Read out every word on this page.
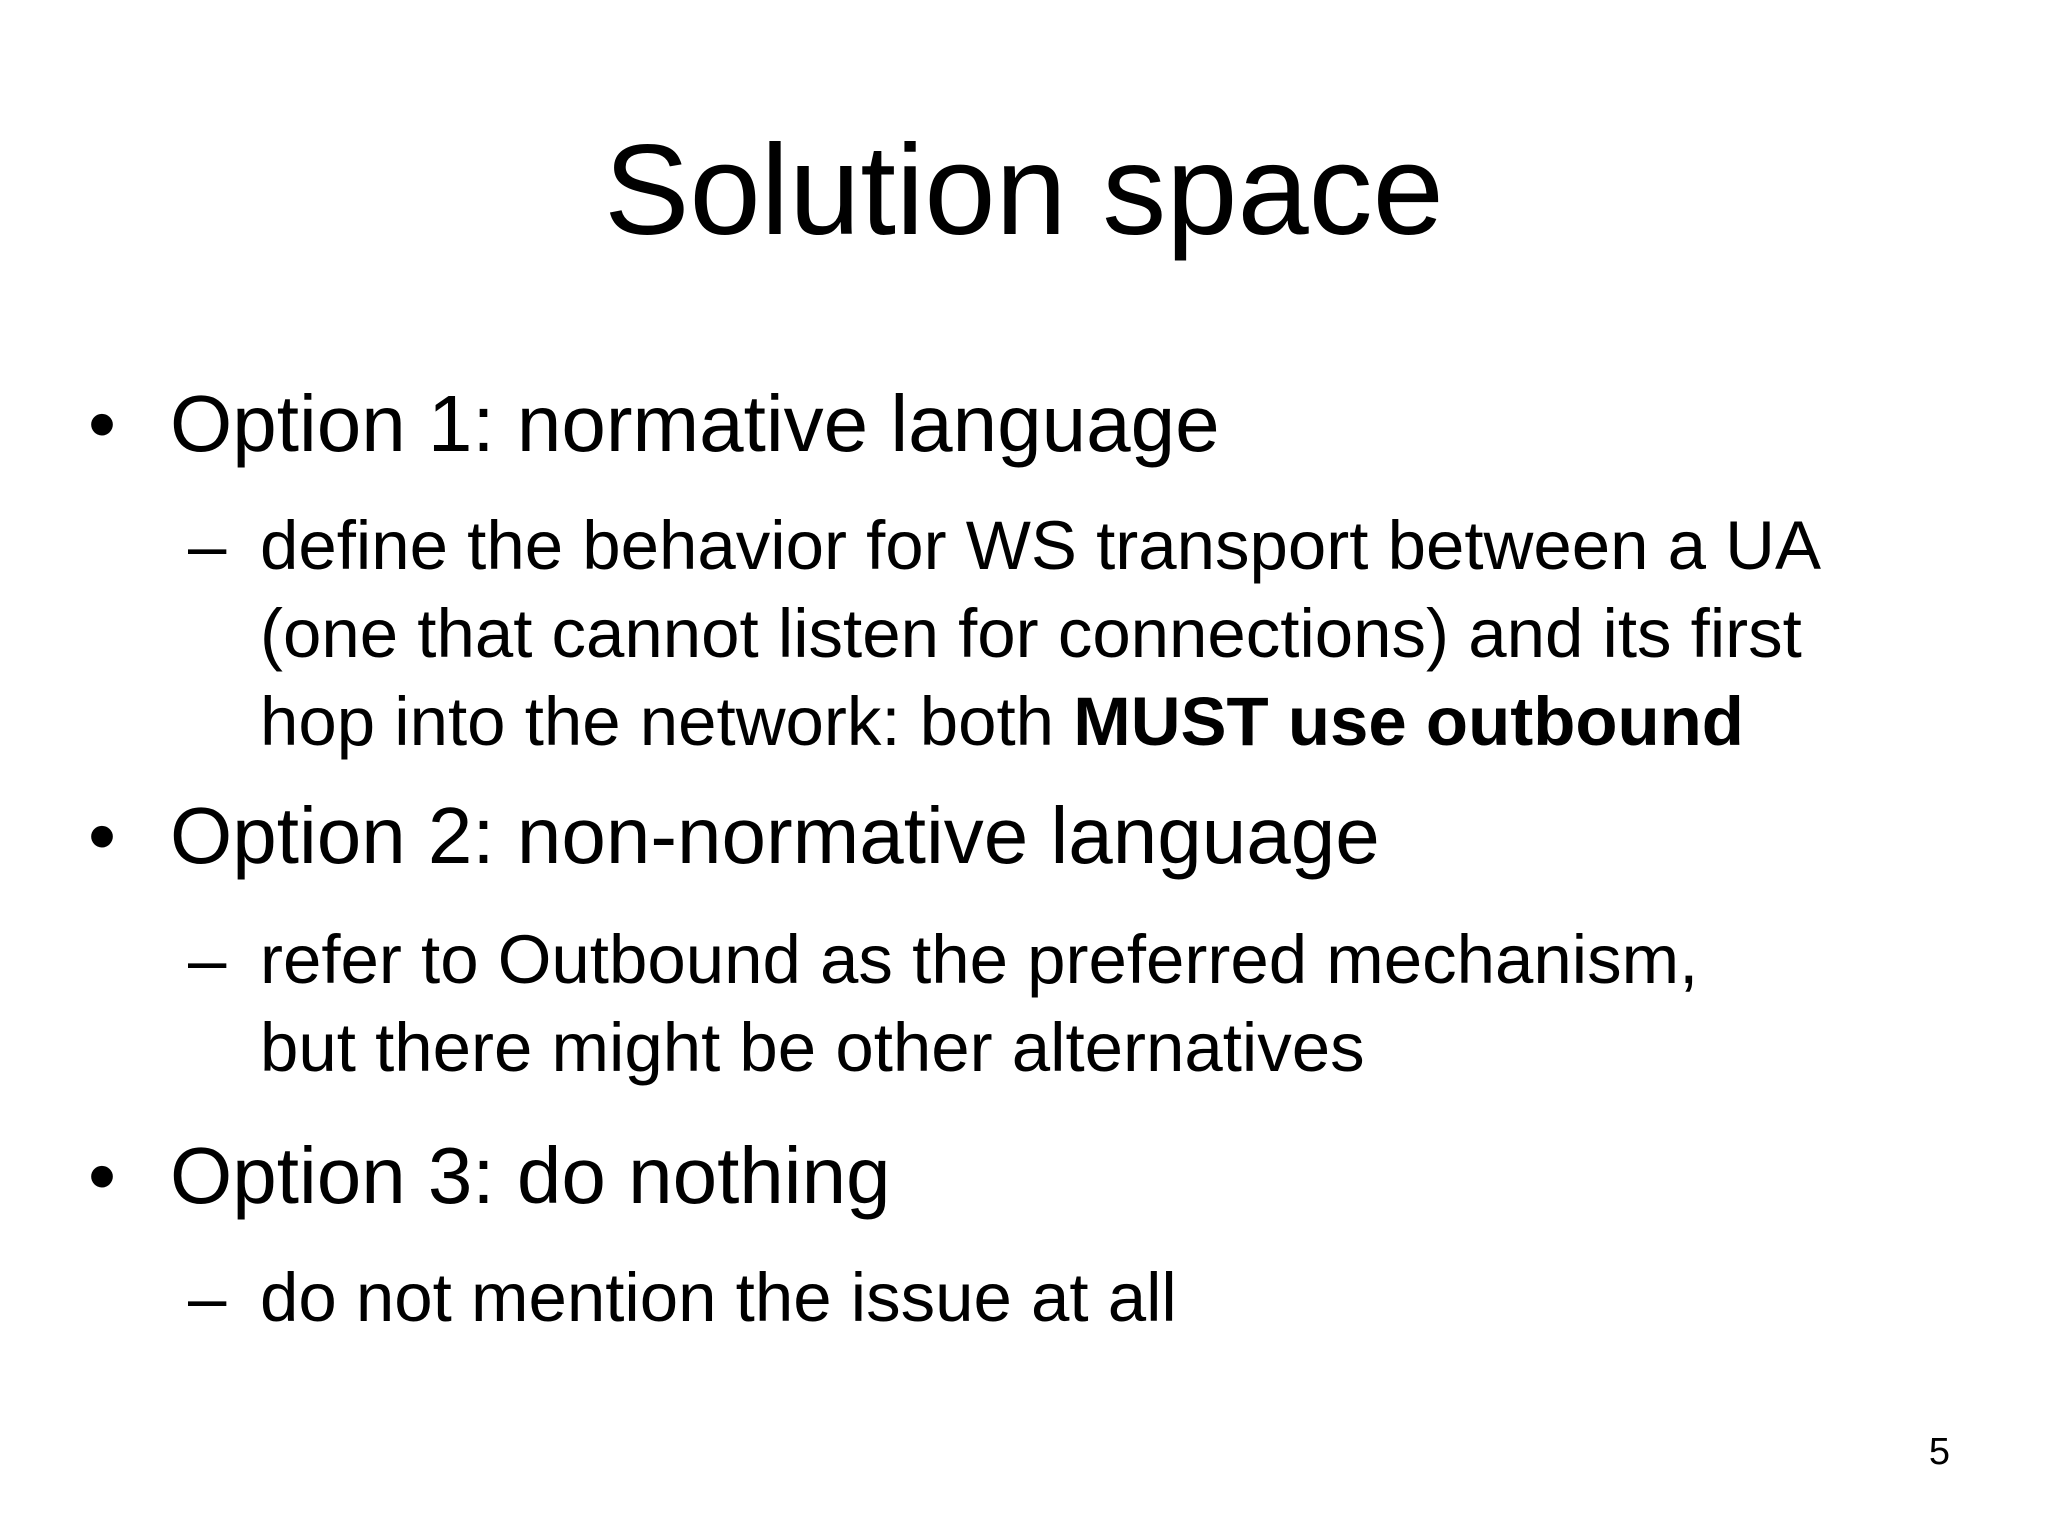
Solution space
• Option 1: normative language
– define the behavior for WS transport between a UA
(one that cannot listen for connections) and its first
hop into the network: both MUST use outbound
• Option 2: non-normative language
– refer to Outbound as the preferred mechanism,
but there might be other alternatives
• Option 3: do nothing
– do not mention the issue at all
5
